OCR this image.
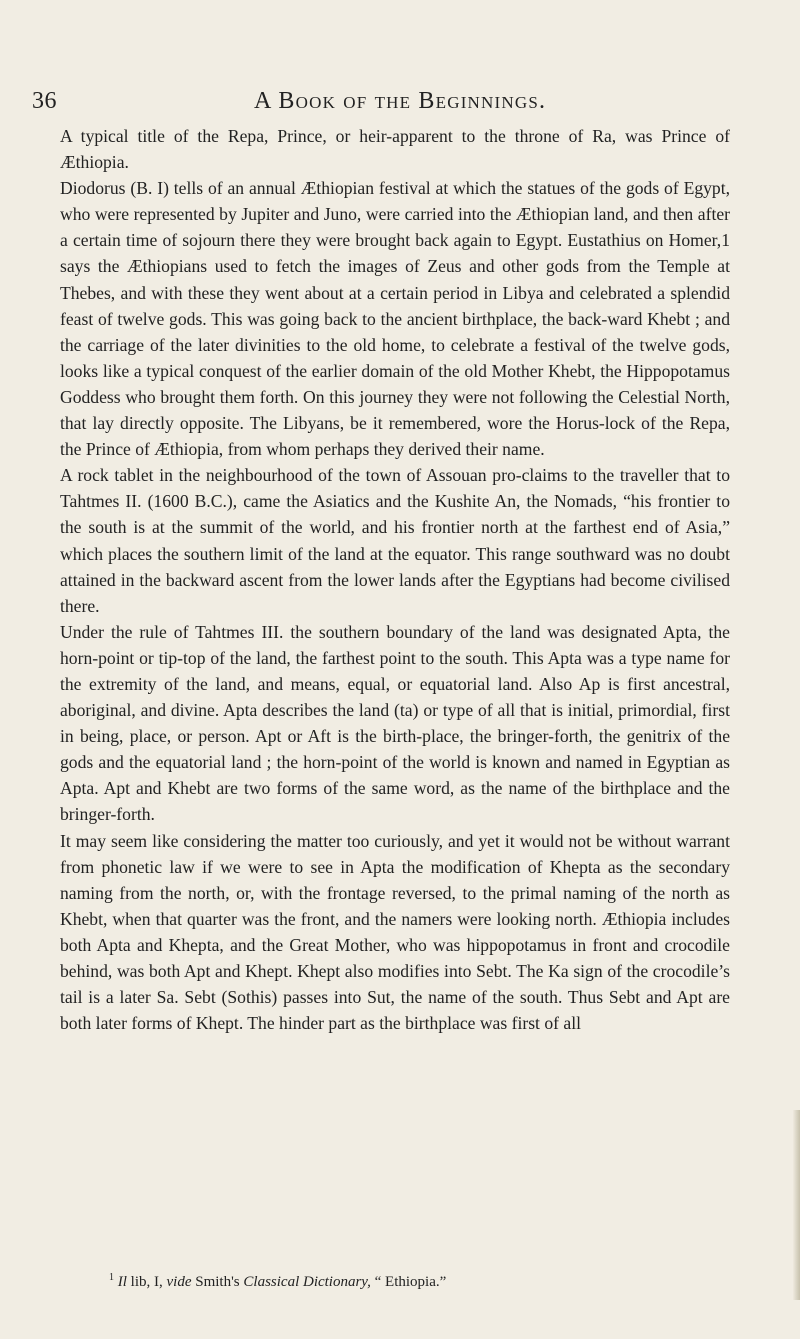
36	A Book of the Beginnings.

A typical title of the Repa, Prince, or heir-apparent to the throne of Ra, was Prince of Æthiopia.

Diodorus (B. I) tells of an annual Æthiopian festival at which the statues of the gods of Egypt, who were represented by Jupiter and Juno, were carried into the Æthiopian land, and then after a certain time of sojourn there they were brought back again to Egypt. Eustathius on Homer,1 says the Æthiopians used to fetch the images of Zeus and other gods from the Temple at Thebes, and with these they went about at a certain period in Libya and celebrated a splendid feast of twelve gods. This was going back to the ancient birthplace, the back-ward Khebt ; and the carriage of the later divinities to the old home, to celebrate a festival of the twelve gods, looks like a typical conquest of the earlier domain of the old Mother Khebt, the Hippopotamus Goddess who brought them forth. On this journey they were not following the Celestial North, that lay directly opposite. The Libyans, be it remembered, wore the Horus-lock of the Repa, the Prince of Æthiopia, from whom perhaps they derived their name.

A rock tablet in the neighbourhood of the town of Assouan pro-claims to the traveller that to Tahtmes II. (1600 B.C.), came the Asiatics and the Kushite An, the Nomads, “his frontier to the south is at the summit of the world, and his frontier north at the farthest end of Asia,” which places the southern limit of the land at the equator. This range southward was no doubt attained in the backward ascent from the lower lands after the Egyptians had become civilised there.

Under the rule of Tahtmes III. the southern boundary of the land was designated Apta, the horn-point or tip-top of the land, the farthest point to the south. This Apta was a type name for the extremity of the land, and means, equal, or equatorial land. Also Ap is first ancestral, aboriginal, and divine. Apta describes the land (ta) or type of all that is initial, primordial, first in being, place, or person. Apt or Aft is the birth-place, the bringer-forth, the genitrix of the gods and the equatorial land ; the horn-point of the world is known and named in Egyptian as Apta. Apt and Khebt are two forms of the same word, as the name of the birthplace and the bringer-forth.

It may seem like considering the matter too curiously, and yet it would not be without warrant from phonetic law if we were to see in Apta the modification of Khepta as the secondary naming from the north, or, with the frontage reversed, to the primal naming of the north as Khebt, when that quarter was the front, and the namers were looking north. Æthiopia includes both Apta and Khepta, and the Great Mother, who was hippopotamus in front and crocodile behind, was both Apt and Khept. Khept also modifies into Sebt. The Ka sign of the crocodile’s tail is a later Sa. Sebt (Sothis) passes into Sut, the name of the south. Thus Sebt and Apt are both later forms of Khept. The hinder part as the birthplace was first of all

$^1$ Il lib, I, vide Smith's Classical Dictionary, “ Ethiopia.”
